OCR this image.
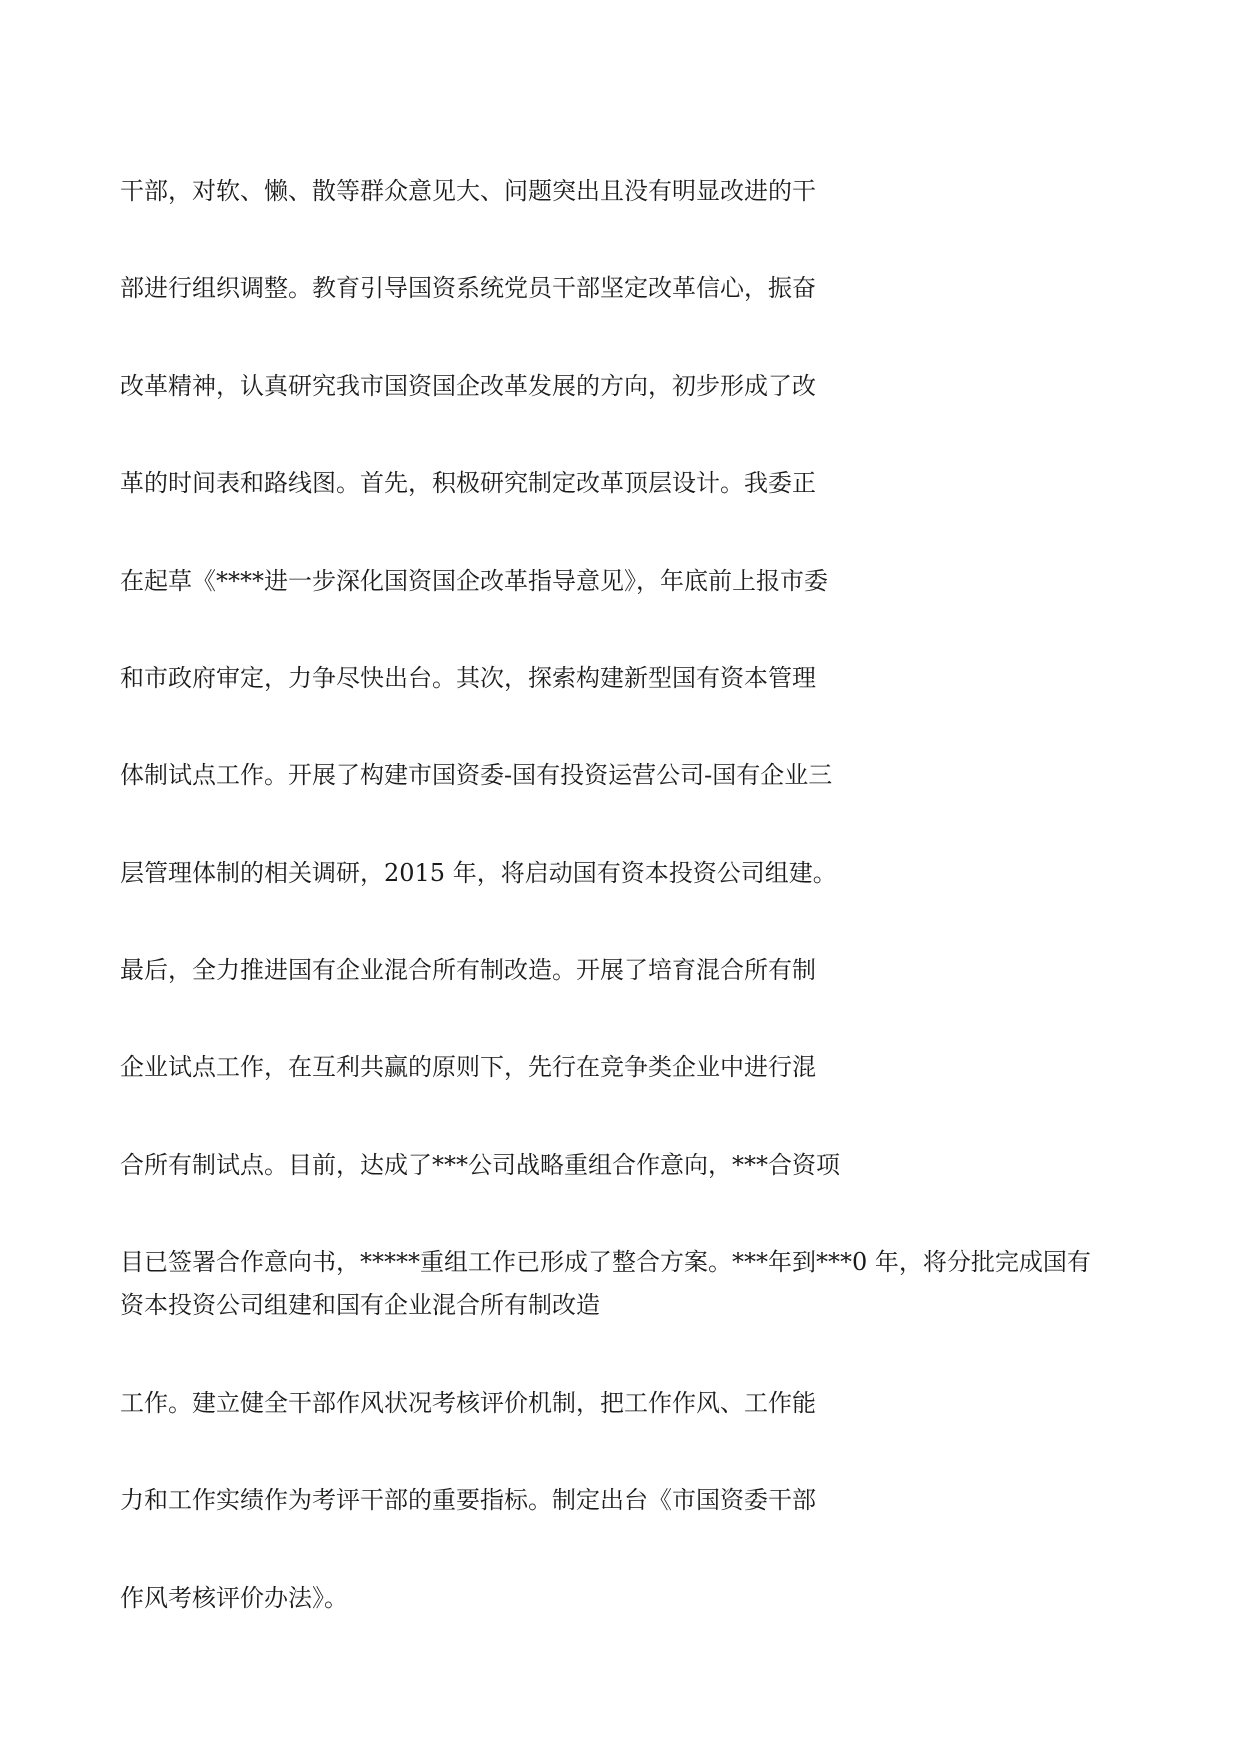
干部，对软、懒、散等群众意见大、问题突出且没有明显改进的干
部进行组织调整。教育引导国资系统党员干部坚定改革信心，振奋
改革精神，认真研究我市国资国企改革发展的方向，初步形成了改
革的时间表和路线图。首先，积极研究制定改革顶层设计。我委正
在起草《****进一步深化国资国企改革指导意见》，年底前上报市委
和市政府审定，力争尽快出台。其次，探索构建新型国有资本管理
体制试点工作。开展了构建市国资委-国有投资运营公司-国有企业三
层管理体制的相关调研，2015 年，将启动国有资本投资公司组建。
最后，全力推进国有企业混合所有制改造。开展了培育混合所有制
企业试点工作，在互利共赢的原则下，先行在竞争类企业中进行混
合所有制试点。目前，达成了***公司战略重组合作意向，***合资项
目已签署合作意向书，*****重组工作已形成了整合方案。***年到***0 年，将分批完成国有
资本投资公司组建和国有企业混合所有制改造
工作。建立健全干部作风状况考核评价机制，把工作作风、工作能
力和工作实绩作为考评干部的重要指标。制定出台《市国资委干部
作风考核评价办法》。
